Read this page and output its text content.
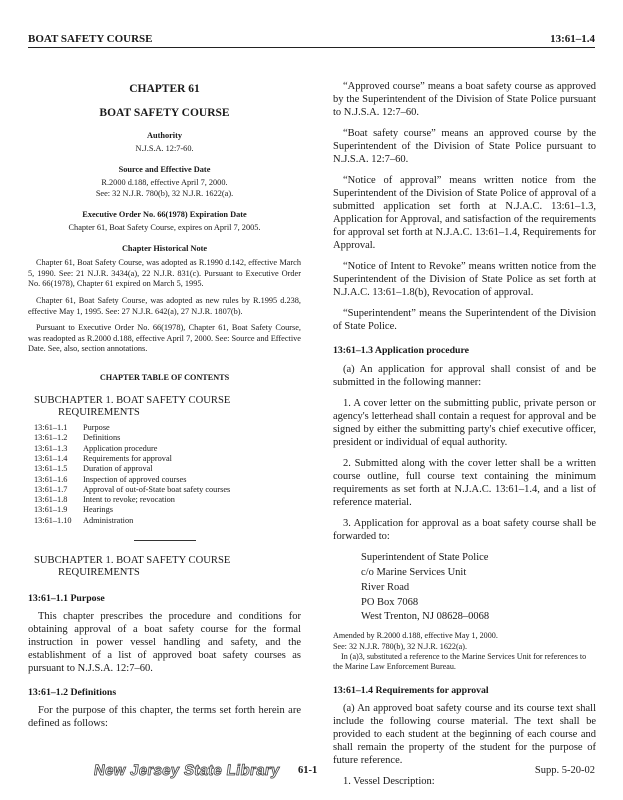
BOAT SAFETY COURSE	13:61–1.4
CHAPTER 61
BOAT SAFETY COURSE
Authority
N.J.S.A. 12:7-60.
Source and Effective Date
R.2000 d.188, effective April 7, 2000.
See: 32 N.J.R. 780(b), 32 N.J.R. 1622(a).
Executive Order No. 66(1978) Expiration Date
Chapter 61, Boat Safety Course, expires on April 7, 2005.
Chapter Historical Note

Chapter 61, Boat Safety Course, was adopted as R.1990 d.142, effective March 5, 1990. See: 21 N.J.R. 3434(a), 22 N.J.R. 831(c). Pursuant to Executive Order No. 66(1978), Chapter 61 expired on March 5, 1995.

Chapter 61, Boat Safety Course, was adopted as new rules by R.1995 d.238, effective May 1, 1995. See: 27 N.J.R. 642(a), 27 N.J.R. 1807(b).

Pursuant to Executive Order No. 66(1978), Chapter 61, Boat Safety Course, was readopted as R.2000 d.188, effective April 7, 2000. See: Source and Effective Date. See, also, section annotations.

CHAPTER TABLE OF CONTENTS
SUBCHAPTER 1. BOAT SAFETY COURSE
REQUIREMENTS
13:61–1.1	Purpose
13:61–1.2	Definitions
13:61–1.3	Application procedure
13:61–1.4	Requirements for approval
13:61–1.5	Duration of approval
13:61–1.6	Inspection of approved courses
13:61–1.7	Approval of out-of-State boat safety courses
13:61–1.8	Intent to revoke; revocation
13:61–1.9	Hearings
13:61–1.10	Administration
SUBCHAPTER 1. BOAT SAFETY COURSE
REQUIREMENTS
13:61–1.1 Purpose

This chapter prescribes the procedure and conditions for obtaining approval of a boat safety course for the formal instruction in power vessel handling and safety, and the establishment of a list of approved boat safety courses as pursuant to N.J.S.A. 12:7–60.

13:61–1.2 Definitions

For the purpose of this chapter, the terms set forth herein are defined as follows:

“Approved course” means a boat safety course as approved by the Superintendent of the Division of State Police pursuant to N.J.S.A. 12:7–60.

“Boat safety course” means an approved course by the Superintendent of the Division of State Police pursuant to N.J.S.A. 12:7–60.

“Notice of approval” means written notice from the Superintendent of the Division of State Police of approval of a submitted application set forth at N.J.A.C. 13:61–1.3, Application for Approval, and satisfaction of the requirements for approval set forth at N.J.A.C. 13:61–1.4, Requirements for Approval.

“Notice of Intent to Revoke” means written notice from the Superintendent of the Division of State Police as set forth at N.J.A.C. 13:61–1.8(b), Revocation of approval.

“Superintendent” means the Superintendent of the Division of State Police.

13:61–1.3 Application procedure

(a) An application for approval shall consist of and be submitted in the following manner:

1. A cover letter on the submitting public, private person or agency's letterhead shall contain a request for approval and be signed by either the submitting party's chief executive officer, president or individual of equal authority.

2. Submitted along with the cover letter shall be a written course outline, full course text containing the minimum requirements as set forth at N.J.A.C. 13:61–1.4, and a list of reference material.

3. Application for approval as a boat safety course shall be forwarded to:

Superintendent of State Police
c/o Marine Services Unit
River Road
PO Box 7068
West Trenton, NJ 08628–0068
Amended by R.2000 d.188, effective May 1, 2000.
See: 32 N.J.R. 780(b), 32 N.J.R. 1622(a).
In (a)3, substituted a reference to the Marine Services Unit for references to the Marine Law Enforcement Bureau.
13:61–1.4 Requirements for approval

(a) An approved boat safety course and its course text shall include the following course material. The text shall be provided to each student at the beginning of each course and shall remain the property of the student for the purpose of future reference.

1. Vessel Description:

New Jersey State Library 61-1	Supp. 5-20-02
